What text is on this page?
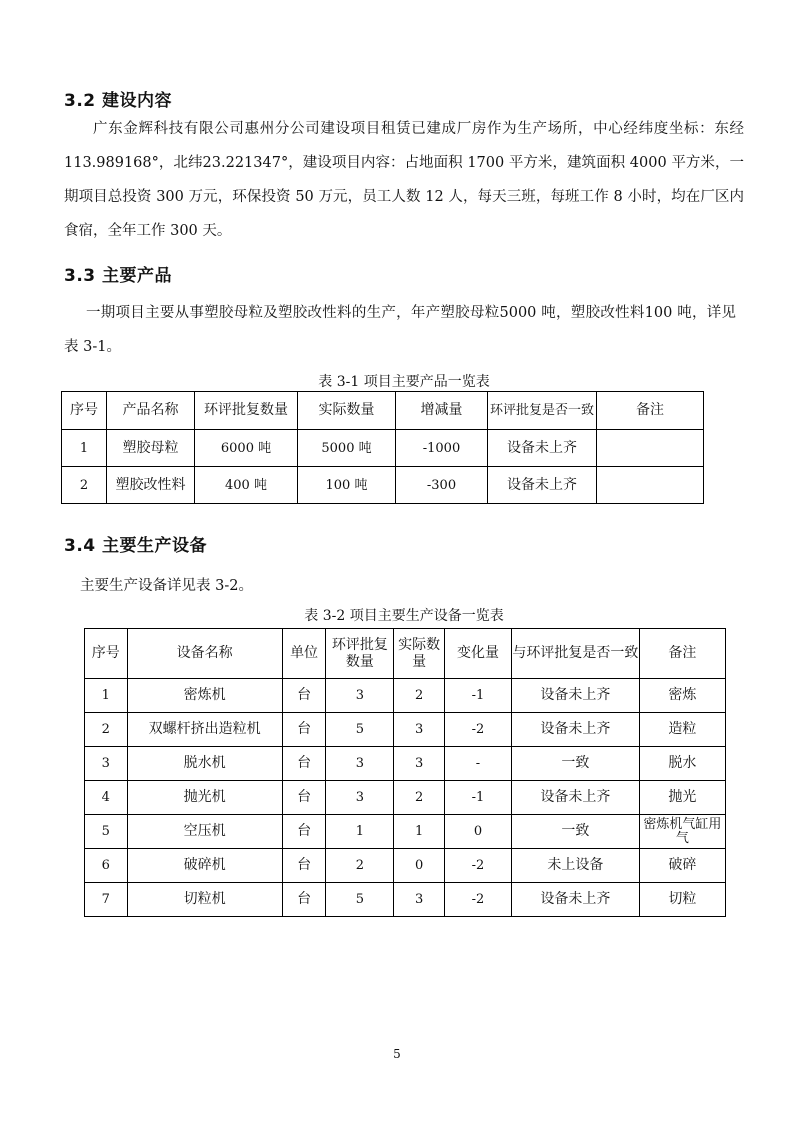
3.2 建设内容
广东金辉科技有限公司惠州分公司建设项目租赁已建成厂房作为生产场所，中心经纬度坐标：东经 113.989168°，北纬23.221347°，建设项目内容：占地面积 1700 平方米，建筑面积 4000 平方米，一期项目总投资 300 万元，环保投资 50 万元，员工人数 12 人，每天三班，每班工作 8 小时，均在厂区内食宿，全年工作 300 天。
3.3 主要产品
一期项目主要从事塑胶母粒及塑胶改性料的生产，年产塑胶母粒5000 吨，塑胶改性料100 吨，详见表 3-1。
表 3-1 项目主要产品一览表
序号	产品名称	环评批复数量	实际数量	增减量	环评批复是否一致	备注
1	塑胶母粒	6000 吨	5000 吨	-1000	设备未上齐	
2	塑胶改性料	400 吨	100 吨	-300	设备未上齐	
3.4 主要生产设备
主要生产设备详见表 3-2。
表 3-2 项目主要生产设备一览表
序号	设备名称	单位	环评批复数量	实际数量	变化量	与环评批复是否一致	备注
1	密炼机	台	3	2	-1	设备未上齐	密炼
2	双螺杆挤出造粒机	台	5	3	-2	设备未上齐	造粒
3	脱水机	台	3	3	-	一致	脱水
4	抛光机	台	3	2	-1	设备未上齐	抛光
5	空压机	台	1	1	0	一致	密炼机气缸用气
6	破碎机	台	2	0	-2	未上设备	破碎
7	切粒机	台	5	3	-2	设备未上齐	切粒
5
